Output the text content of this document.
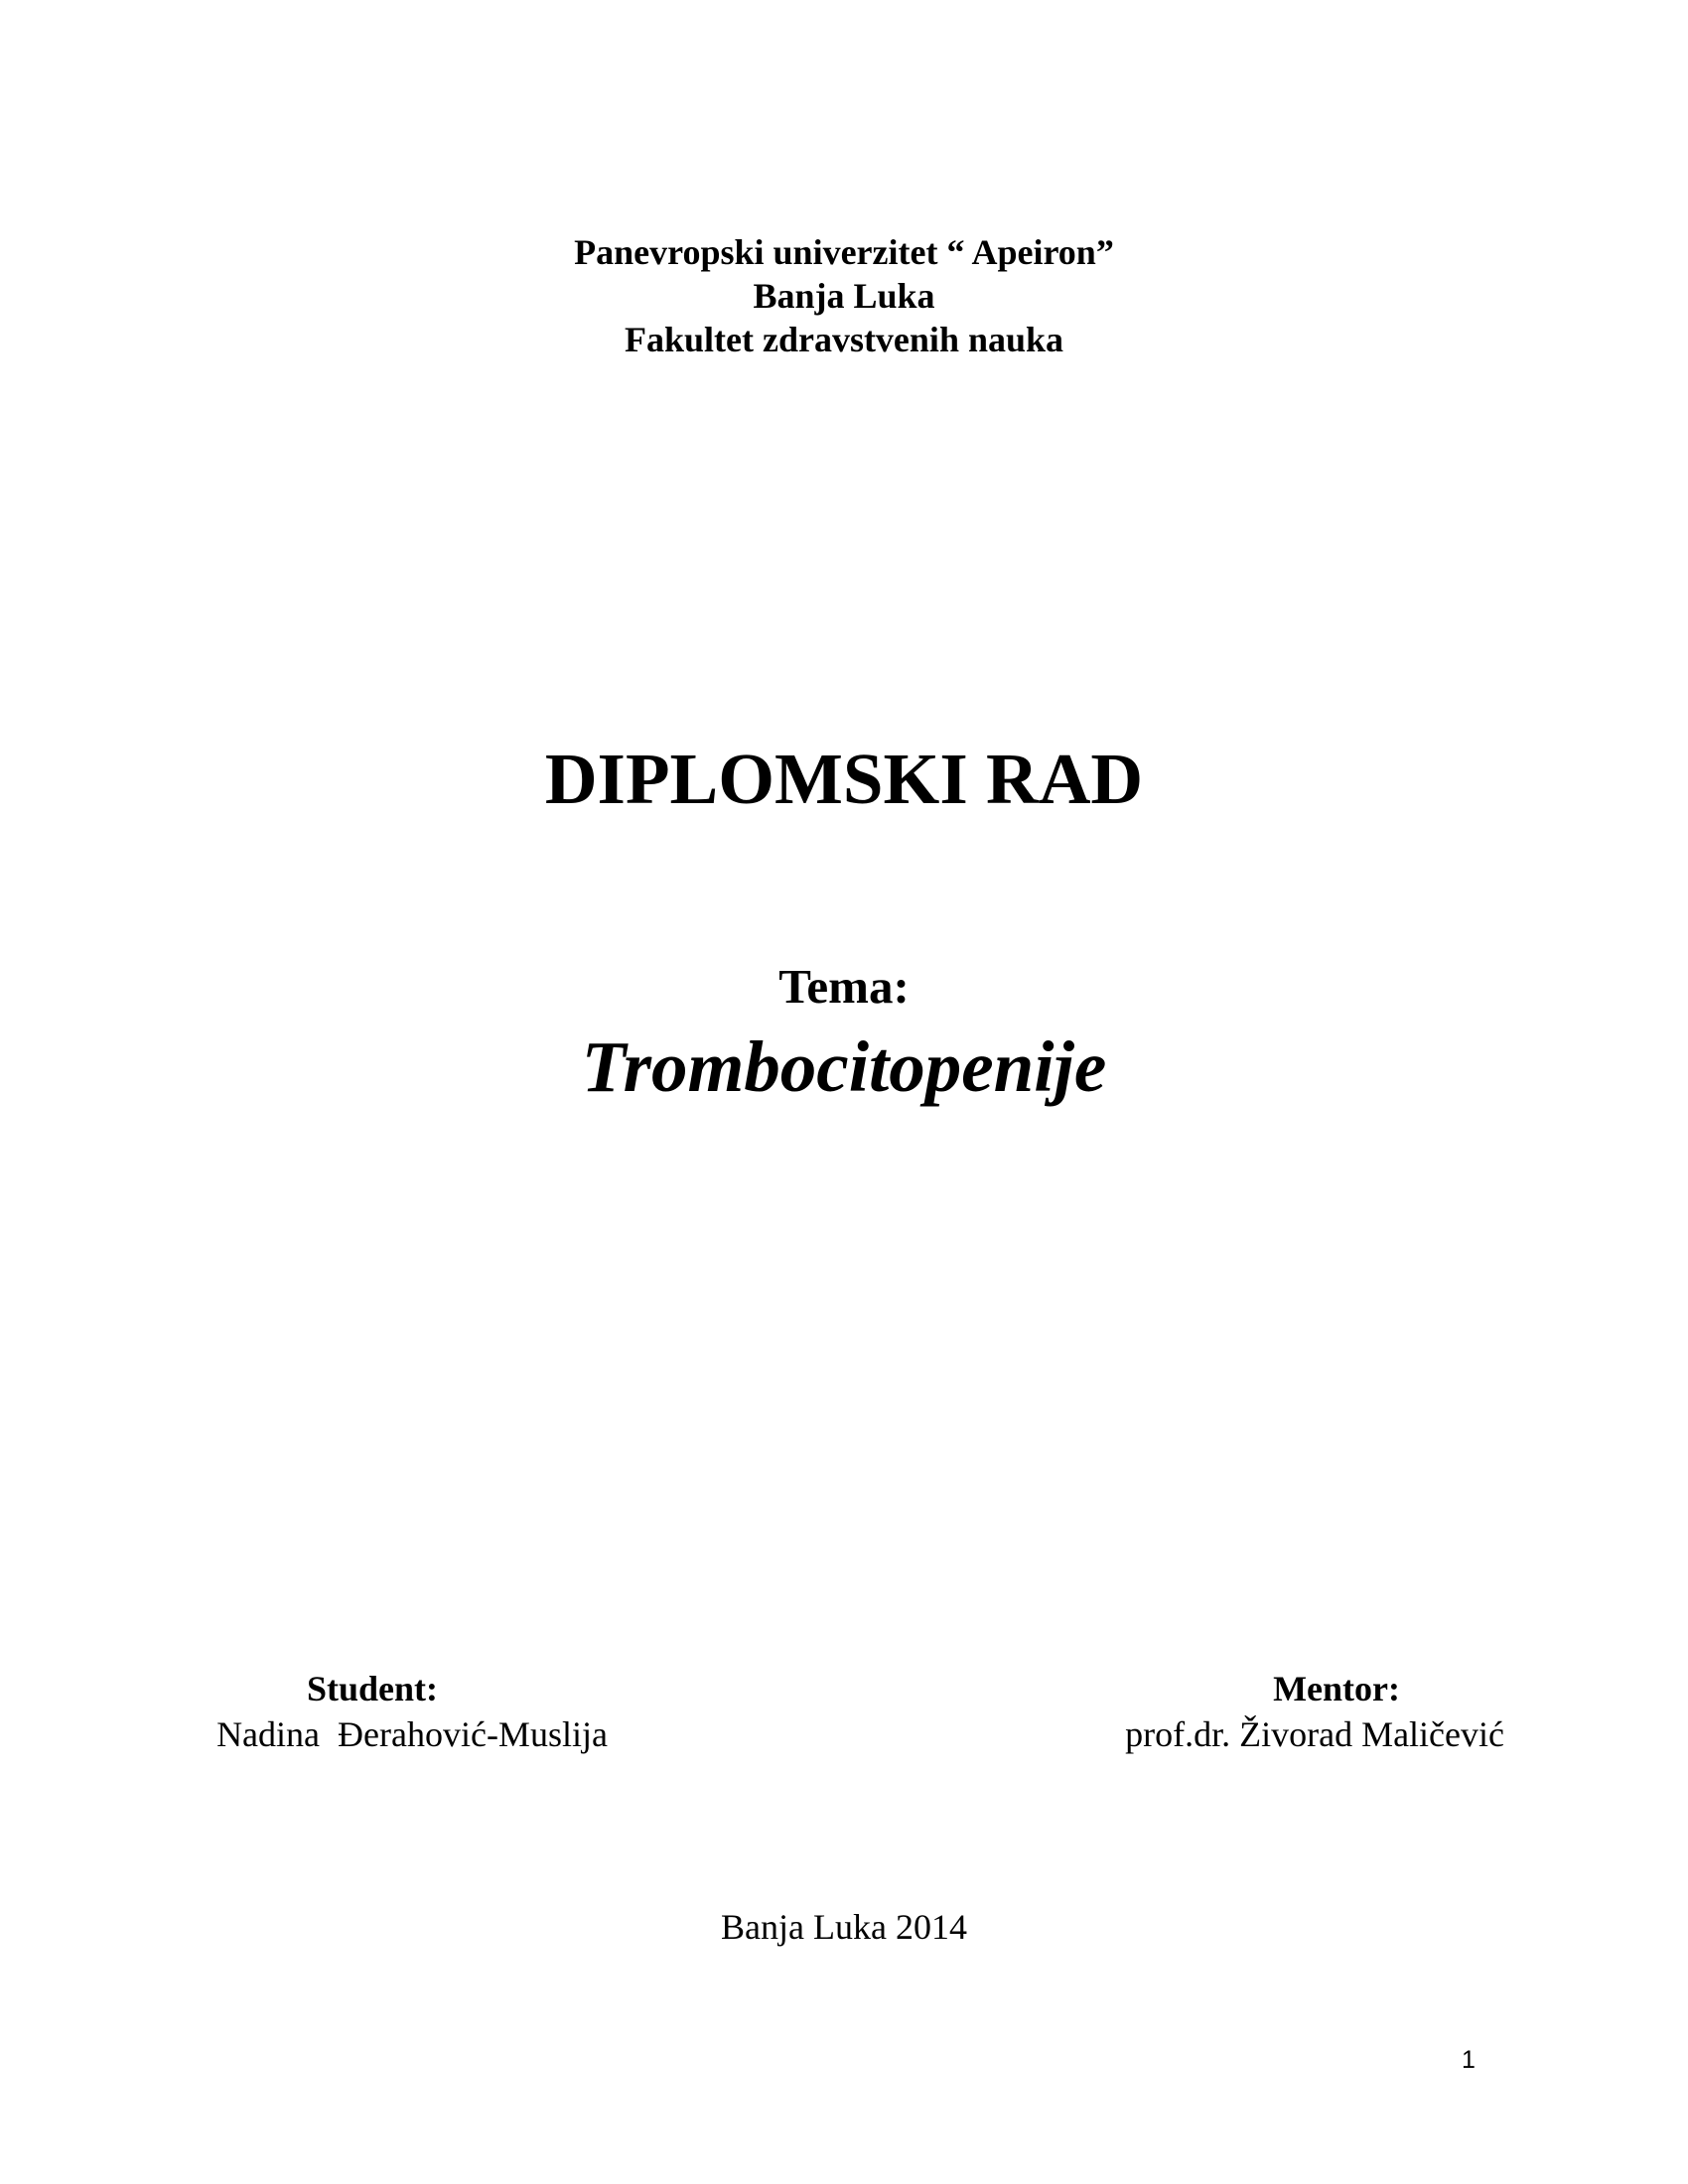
Panevropski univerzitet “ Apeiron”
Banja Luka
Fakultet zdravstvenih nauka
DIPLOMSKI RAD
Tema:
Trombocitopenije
Student:
Nadina  Đerahović-Muslija
Mentor:
prof.dr. Živorad Maličević
Banja Luka 2014
1
